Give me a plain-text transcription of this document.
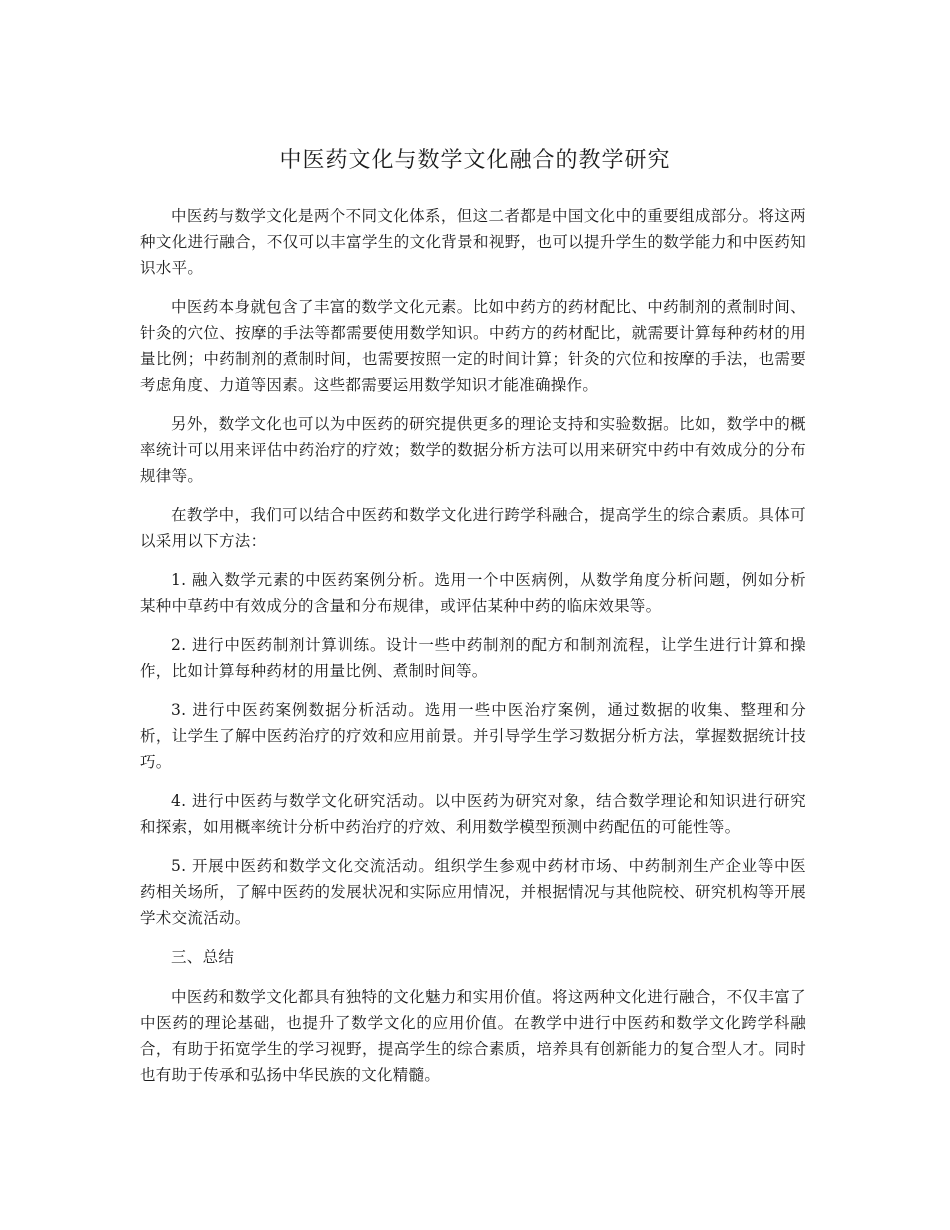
中医药文化与数学文化融合的教学研究

中医药与数学文化是两个不同文化体系，但这二者都是中国文化中的重要组成部分。将这两种文化进行融合，不仅可以丰富学生的文化背景和视野，也可以提升学生的数学能力和中医药知识水平。

中医药本身就包含了丰富的数学文化元素。比如中药方的药材配比、中药制剂的煮制时间、针灸的穴位、按摩的手法等都需要使用数学知识。中药方的药材配比，就需要计算每种药材的用量比例；中药制剂的煮制时间，也需要按照一定的时间计算；针灸的穴位和按摩的手法，也需要考虑角度、力道等因素。这些都需要运用数学知识才能准确操作。

另外，数学文化也可以为中医药的研究提供更多的理论支持和实验数据。比如，数学中的概率统计可以用来评估中药治疗的疗效；数学的数据分析方法可以用来研究中药中有效成分的分布规律等。

在教学中，我们可以结合中医药和数学文化进行跨学科融合，提高学生的综合素质。具体可以采用以下方法：

1. 融入数学元素的中医药案例分析。选用一个中医病例，从数学角度分析问题，例如分析某种中草药中有效成分的含量和分布规律，或评估某种中药的临床效果等。

2. 进行中医药制剂计算训练。设计一些中药制剂的配方和制剂流程，让学生进行计算和操作，比如计算每种药材的用量比例、煮制时间等。

3. 进行中医药案例数据分析活动。选用一些中医治疗案例，通过数据的收集、整理和分析，让学生了解中医药治疗的疗效和应用前景。并引导学生学习数据分析方法，掌握数据统计技巧。

4. 进行中医药与数学文化研究活动。以中医药为研究对象，结合数学理论和知识进行研究和探索，如用概率统计分析中药治疗的疗效、利用数学模型预测中药配伍的可能性等。

5. 开展中医药和数学文化交流活动。组织学生参观中药材市场、中药制剂生产企业等中医药相关场所，了解中医药的发展状况和实际应用情况，并根据情况与其他院校、研究机构等开展学术交流活动。

三、总结

中医药和数学文化都具有独特的文化魅力和实用价值。将这两种文化进行融合，不仅丰富了中医药的理论基础，也提升了数学文化的应用价值。在教学中进行中医药和数学文化跨学科融合，有助于拓宽学生的学习视野，提高学生的综合素质，培养具有创新能力的复合型人才。同时也有助于传承和弘扬中华民族的文化精髓。
